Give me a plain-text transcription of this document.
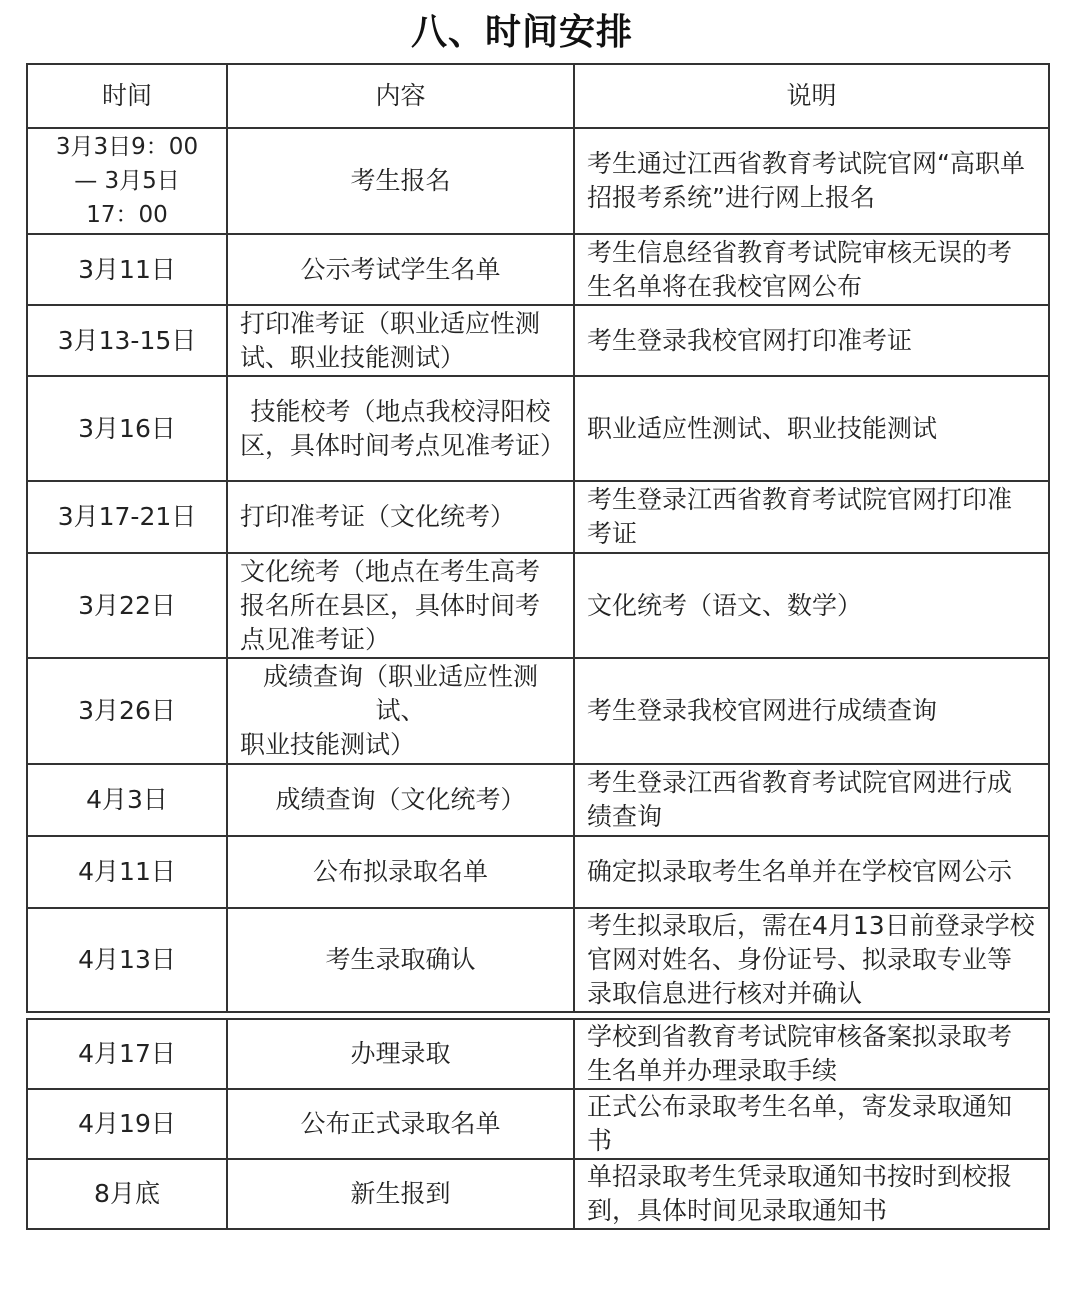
八、时间安排
时间	内容	说明

3月3日9：00
— 3月5日
17：00	考生报名	考生通过江西省教育考试院官网“高职单招报考系统”进行网上报名
3月11日	公示考试学生名单	考生信息经省教育考试院审核无误的考生名单将在我校官网公布
3月13-15日	打印准考证（职业适应性测试、职业技能测试）	考生登录我校官网打印准考证
3月16日	技能校考（地点我校浔阳校区，具体时间考点见准考证）	职业适应性测试、职业技能测试
3月17-21日	打印准考证（文化统考）	考生登录江西省教育考试院官网打印准考证
3月22日	文化统考（地点在考生高考报名所在县区，具体时间考点见准考证）	文化统考（语文、数学）
3月26日	成绩查询（职业适应性测
试、
职业技能测试）	考生登录我校官网进行成绩查询
4月3日	成绩查询（文化统考）	考生登录江西省教育考试院官网进行成绩查询
4月11日	公布拟录取名单	确定拟录取考生名单并在学校官网公示
4月13日	考生录取确认	考生拟录取后，需在4月13日前登录学校官网对姓名、身份证号、拟录取专业等录取信息进行核对并确认
4月17日	办理录取	学校到省教育考试院审核备案拟录取考生名单并办理录取手续
4月19日	公布正式录取名单	正式公布录取考生名单，寄发录取通知书
8月底	新生报到	单招录取考生凭录取通知书按时到校报到，具体时间见录取通知书
